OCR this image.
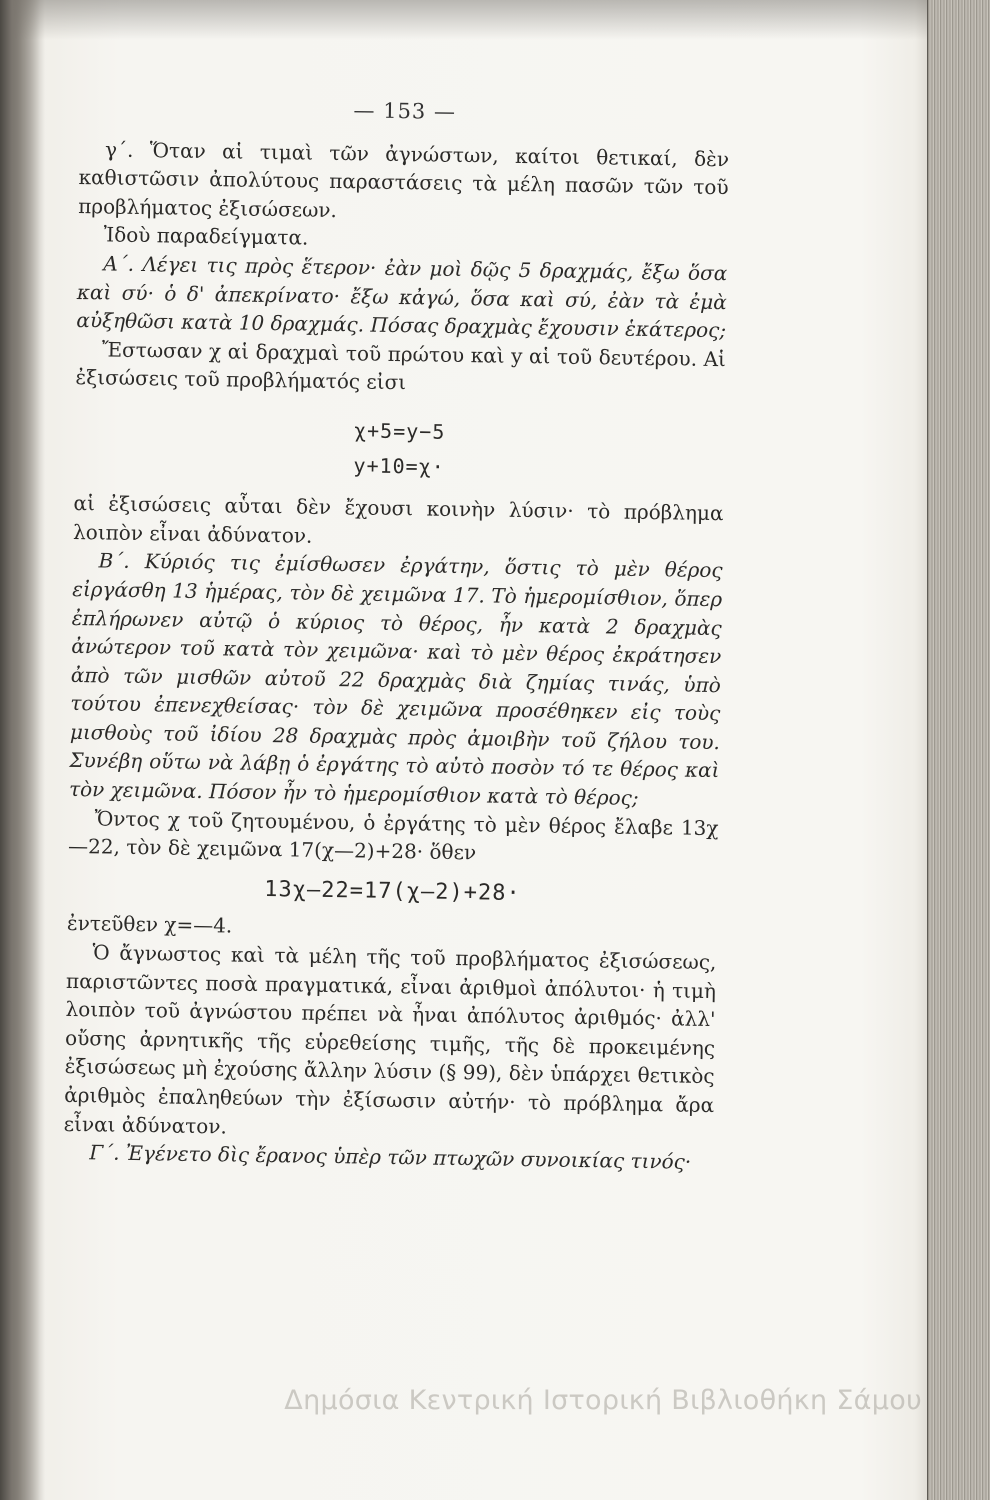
— 153 —

γ΄. Ὅταν αἱ τιμαὶ τῶν ἀγνώστων, καίτοι θετικαί, δὲν καθιστῶσιν ἀπολύτους παραστάσεις τὰ μέλη πασῶν τῶν τοῦ προβλήματος ἐξισώσεων.

Ἰδοὺ παραδείγματα.

Α΄. Λέγει τις πρὸς ἕτερον· ἐὰν μοὶ δῷς 5 δραχμάς, ἔξω ὅσα καὶ σύ· ὁ δ' ἀπεκρίνατο· ἔξω κἀγώ, ὅσα καὶ σύ, ἐὰν τὰ ἐμὰ αὐξηθῶσι κατὰ 10 δραχμάς. Πόσας δραχμὰς ἔχουσιν ἑκάτερος;

Ἔστωσαν χ αἱ δραχμαὶ τοῦ πρώτου καὶ y αἱ τοῦ δευτέρου. Αἱ ἐξισώσεις τοῦ προβλήματός εἰσι

χ+5=y−5
y+10=χ·

αἱ ἐξισώσεις αὗται δὲν ἔχουσι κοινὴν λύσιν· τὸ πρόβλημα λοιπὸν εἶναι ἀδύνατον.

Β΄. Κύριός τις ἐμίσθωσεν ἐργάτην, ὅστις τὸ μὲν θέρος εἰργάσθη 13 ἡμέρας, τὸν δὲ χειμῶνα 17. Τὸ ἡμερομίσθιον, ὅπερ ἐπλήρωνεν αὐτῷ ὁ κύριος τὸ θέρος, ἦν κατὰ 2 δραχμὰς ἀνώτερον τοῦ κατὰ τὸν χειμῶνα· καὶ τὸ μὲν θέρος ἐκράτησεν ἀπὸ τῶν μισθῶν αὐτοῦ 22 δραχμὰς διὰ ζημίας τινάς, ὑπὸ τούτου ἐπενεχθείσας· τὸν δὲ χειμῶνα προσέθηκεν εἰς τοὺς μισθοὺς τοῦ ἰδίου 28 δραχμὰς πρὸς ἀμοιβὴν τοῦ ζήλου του. Συνέβη οὕτω νὰ λάβῃ ὁ ἐργάτης τὸ αὐτὸ ποσὸν τό τε θέρος καὶ τὸν χειμῶνα. Πόσον ἦν τὸ ἡμερομίσθιον κατὰ τὸ θέρος;

Ὄντος χ τοῦ ζητουμένου, ὁ ἐργάτης τὸ μὲν θέρος ἔλαβε 13χ—22, τὸν δὲ χειμῶνα 17(χ—2)+28· ὅθεν

13χ—22=17(χ—2)+28·

ἐντεῦθεν χ=—4.

Ὁ ἄγνωστος καὶ τὰ μέλη τῆς τοῦ προβλήματος ἐξισώσεως, παριστῶντες ποσὰ πραγματικά, εἶναι ἀριθμοὶ ἀπόλυτοι· ἡ τιμὴ λοιπὸν τοῦ ἀγνώστου πρέπει νὰ ἦναι ἀπόλυτος ἀριθμός· ἀλλ' οὔσης ἀρνητικῆς τῆς εὑρεθείσης τιμῆς, τῆς δὲ προκειμένης ἐξισώσεως μὴ ἐχούσης ἄλλην λύσιν (§ 99), δὲν ὑπάρχει θετικὸς ἀριθμὸς ἐπαληθεύων τὴν ἐξίσωσιν αὐτήν· τὸ πρόβλημα ἄρα εἶναι ἀδύνατον.

Γ΄. Ἐγένετο δὶς ἔρανος ὑπὲρ τῶν πτωχῶν συνοικίας τινός·

Δημόσια Κεντρική Ιστορική Βιβλιοθήκη Σάμου
